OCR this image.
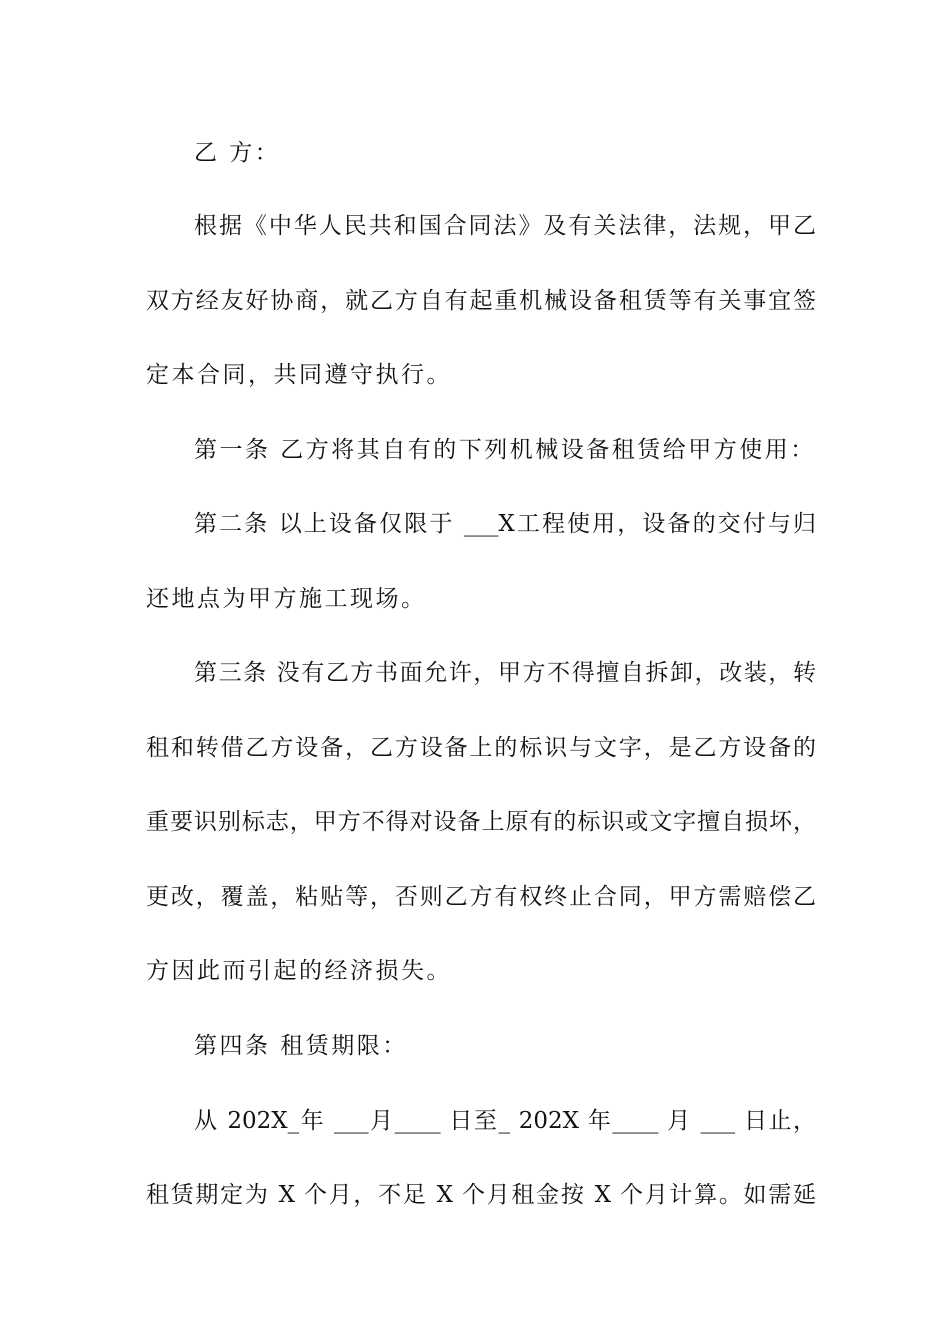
乙 方：
根据《中华人民共和国合同法》及有关法律，法规，甲乙
双方经友好协商，就乙方自有起重机械设备租赁等有关事宜签
定本合同，共同遵守执行。
第一条 乙方将其自有的下列机械设备租赁给甲方使用：
第二条 以上设备仅限于 ___X工程使用，设备的交付与归
还地点为甲方施工现场。
第三条 没有乙方书面允许，甲方不得擅自拆卸，改装，转
租和转借乙方设备，乙方设备上的标识与文字，是乙方设备的
重要识别标志，甲方不得对设备上原有的标识或文字擅自损坏，
更改，覆盖，粘贴等，否则乙方有权终止合同，甲方需赔偿乙
方因此而引起的经济损失。
第四条 租赁期限：
从 202X_年 ___月____ 日至_ 202X 年____ 月 ___ 日止，
租赁期定为 X 个月，不足 X 个月租金按 X 个月计算。如需延
